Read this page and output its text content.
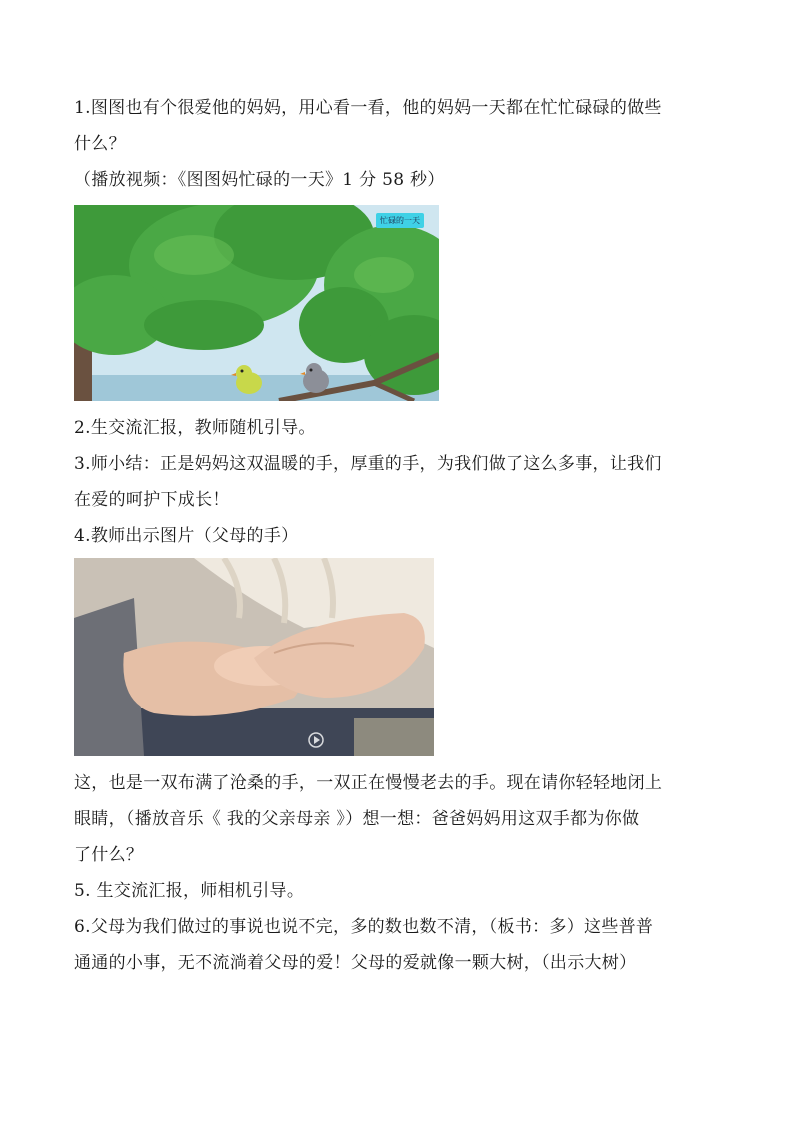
1.图图也有个很爱他的妈妈，用心看一看，他的妈妈一天都在忙忙碌碌的做些
什么？

（播放视频：《图图妈忙碌的一天》1 分 58 秒）

忙碌的一天

2.生交流汇报，教师随机引导。

3.师小结：正是妈妈这双温暖的手，厚重的手，为我们做了这么多事，让我们
在爱的呵护下成长！

4.教师出示图片（父母的手）

这，也是一双布满了沧桑的手，一双正在慢慢老去的手。现在请你轻轻地闭上
眼睛，（播放音乐《 我的父亲母亲 》）想一想：爸爸妈妈用这双手都为你做
了什么？

5. 生交流汇报，师相机引导。

6.父母为我们做过的事说也说不完，多的数也数不清，（板书：多）这些普普
通通的小事，无不流淌着父母的爱！父母的爱就像一颗大树，（出示大树）
